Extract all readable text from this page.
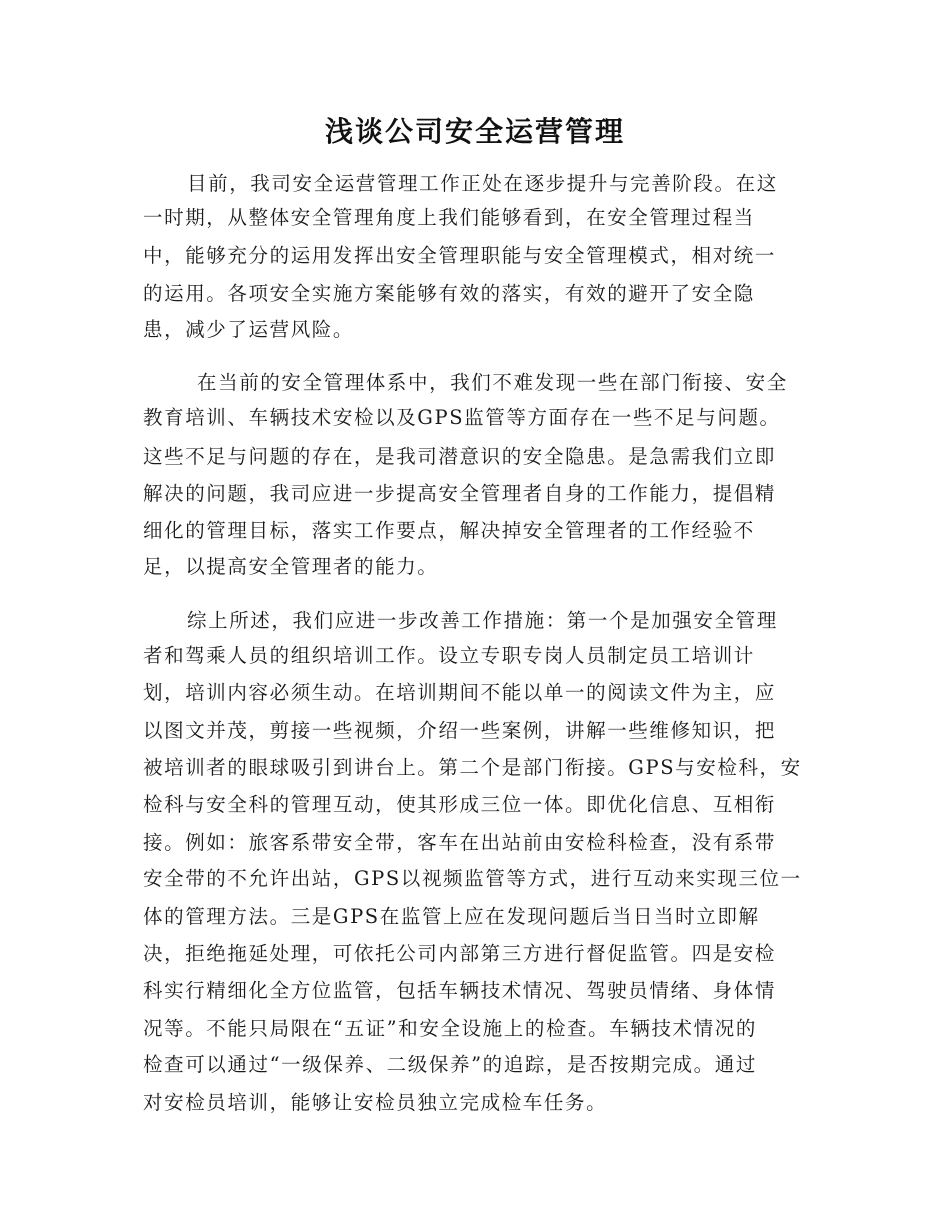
浅谈公司安全运营管理
目前，我司安全运营管理工作正处在逐步提升与完善阶段。在这
一时期，从整体安全管理角度上我们能够看到，在安全管理过程当
中，能够充分的运用发挥出安全管理职能与安全管理模式，相对统一
的运用。各项安全实施方案能够有效的落实，有效的避开了安全隐
患，减少了运营风险。
在当前的安全管理体系中，我们不难发现一些在部门衔接、安全
教育培训、车辆技术安检以及GPS监管等方面存在一些不足与问题。
这些不足与问题的存在，是我司潜意识的安全隐患。是急需我们立即
解决的问题，我司应进一步提高安全管理者自身的工作能力，提倡精
细化的管理目标，落实工作要点，解决掉安全管理者的工作经验不
足，以提高安全管理者的能力。
综上所述，我们应进一步改善工作措施：第一个是加强安全管理
者和驾乘人员的组织培训工作。设立专职专岗人员制定员工培训计
划，培训内容必须生动。在培训期间不能以单一的阅读文件为主，应
以图文并茂，剪接一些视频，介绍一些案例，讲解一些维修知识，把
被培训者的眼球吸引到讲台上。第二个是部门衔接。GPS与安检科，安
检科与安全科的管理互动，使其形成三位一体。即优化信息、互相衔
接。例如：旅客系带安全带，客车在出站前由安检科检查，没有系带
安全带的不允许出站，GPS以视频监管等方式，进行互动来实现三位一
体的管理方法。三是GPS在监管上应在发现问题后当日当时立即解
决，拒绝拖延处理，可依托公司内部第三方进行督促监管。四是安检
科实行精细化全方位监管，包括车辆技术情况、驾驶员情绪、身体情
况等。不能只局限在“五证”和安全设施上的检查。车辆技术情况的
检查可以通过“一级保养、二级保养”的追踪，是否按期完成。通过
对安检员培训，能够让安检员独立完成检车任务。
